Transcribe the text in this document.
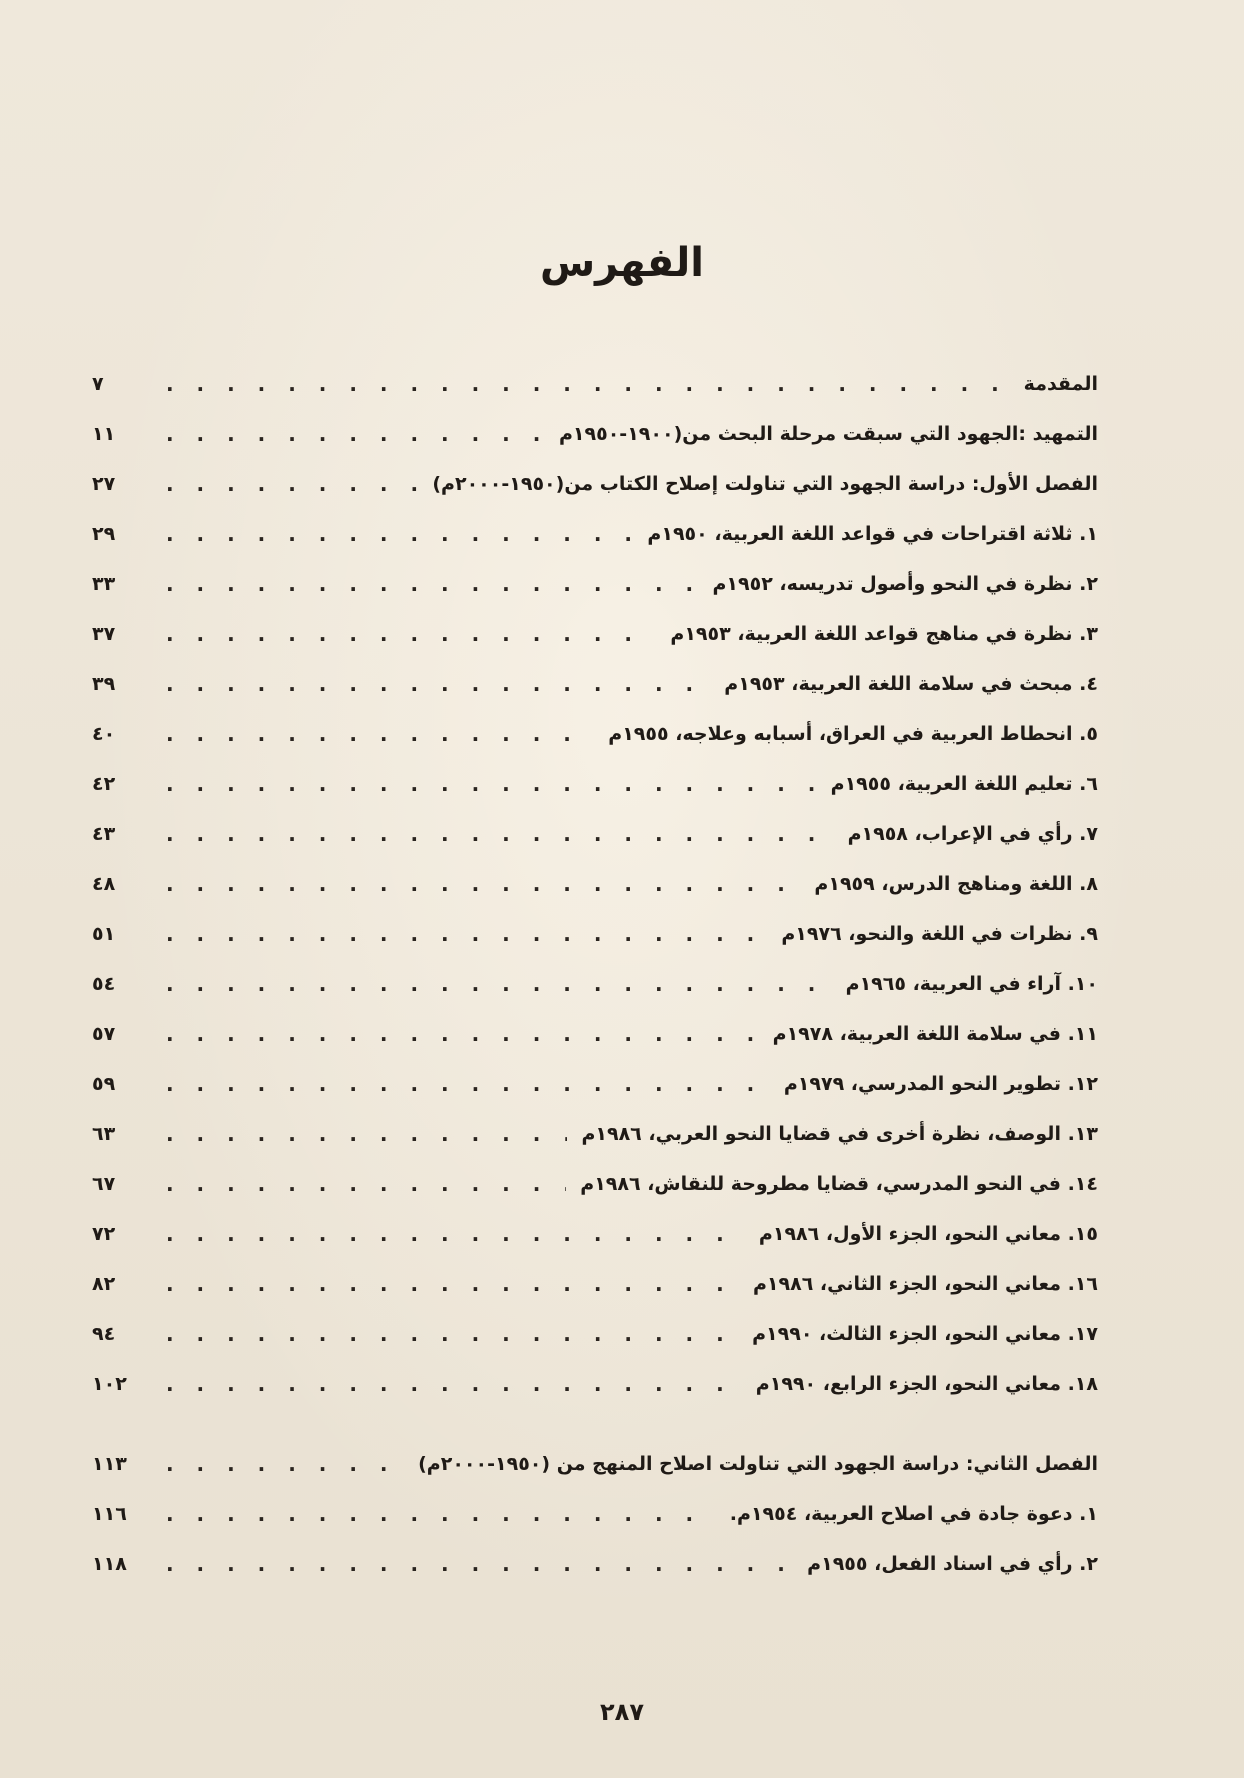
الفهرس
المقدمة
. . .
٧
التمهيد :الجهود التي سبقت مرحلة البحث من(١٩٠٠-١٩٥٠م
. . .
١١
الفصل الأول: دراسة الجهود التي تناولت إصلاح الكتاب من(١٩٥٠-٢٠٠٠م)
. . .
٢٧
١. ثلاثة اقتراحات في قواعد اللغة العربية، ١٩٥٠م
. . .
٢٩
٢. نظرة في النحو وأصول تدريسه، ١٩٥٢م
. . .
٣٣
٣. نظرة في مناهج قواعد اللغة العربية، ١٩٥٣م
. . .
٣٧
٤. مبحث في سلامة اللغة العربية، ١٩٥٣م
. . .
٣٩
٥. انحطاط العربية في العراق، أسبابه وعلاجه، ١٩٥٥م
. . .
٤٠
٦. تعليم اللغة العربية، ١٩٥٥م
. . .
٤٢
٧. رأي في الإعراب، ١٩٥٨م
. . .
٤٣
٨. اللغة ومناهج الدرس، ١٩٥٩م
. . .
٤٨
٩. نظرات في اللغة والنحو، ١٩٧٦م
. . .
٥١
١٠. آراء في العربية، ١٩٦٥م
. . .
٥٤
١١. في سلامة اللغة العربية، ١٩٧٨م
. . .
٥٧
١٢. تطوير النحو المدرسي، ١٩٧٩م
. . .
٥٩
١٣. الوصف، نظرة أخرى في قضايا النحو العربي، ١٩٨٦م
. . .
٦٣
١٤. في النحو المدرسي، قضايا مطروحة للنقاش، ١٩٨٦م
. . .
٦٧
١٥. معاني النحو، الجزء الأول، ١٩٨٦م
. . .
٧٢
١٦. معاني النحو، الجزء الثاني، ١٩٨٦م
. . .
٨٢
١٧. معاني النحو، الجزء الثالث، ١٩٩٠م
. . .
٩٤
١٨. معاني النحو، الجزء الرابع، ١٩٩٠م
. . .
١٠٢
الفصل الثاني: دراسة الجهود التي تناولت اصلاح المنهج من (١٩٥٠-٢٠٠٠م)
. . .
١١٣
١. دعوة جادة في اصلاح العربية، ١٩٥٤م.
. . .
١١٦
٢. رأي في اسناد الفعل، ١٩٥٥م
. . .
١١٨
٢٨٧
